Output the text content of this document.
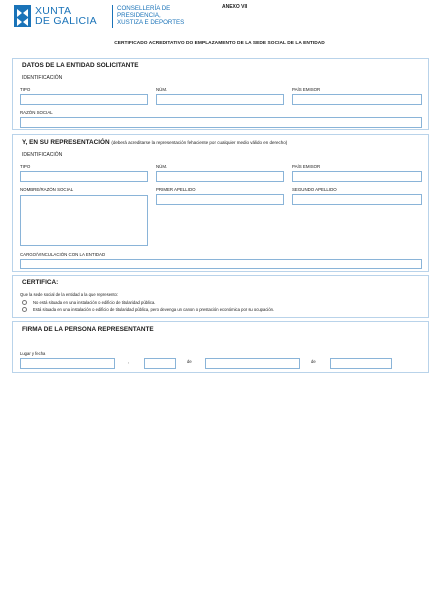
XUNTA
DE GALICIA
CONSELLERÍA DE
PRESIDENCIA,
XUSTIZA E DEPORTES
ANEXO VII
CERTIFICADO ACREDITATIVO DO EMPLAZAMENTO DE LA SEDE SOCIAL DE LA ENTIDAD
DATOS DE LA ENTIDAD SOLICITANTE
IDENTIFICACIÓN
TIPO	NÚM.	PAÍS EMISOR
RAZÓN SOCIAL
Y, EN SU REPRESENTACIÓN (deberá acreditarse la representación fehaciente por cualquier medio válido en derecho)
IDENTIFICACIÓN
TIPO	NÚM.	PAÍS EMISOR
NOMBRE/RAZÓN SOCIAL	PRIMER APELLIDO	SEGUNDO APELLIDO
CARGO/VINCULACIÓN CON LA ENTIDAD
CERTIFICA:
Que la sede social de la entidad a la que represento:
No está situada en una instalación o edificio de titularidad pública.
Está situada en una instalación o edificio de titularidad pública, pero devenga un canon o prestación económica por su ocupación.
FIRMA DE LA PERSONA REPRESENTANTE
Lugar y fecha
,	de	de
